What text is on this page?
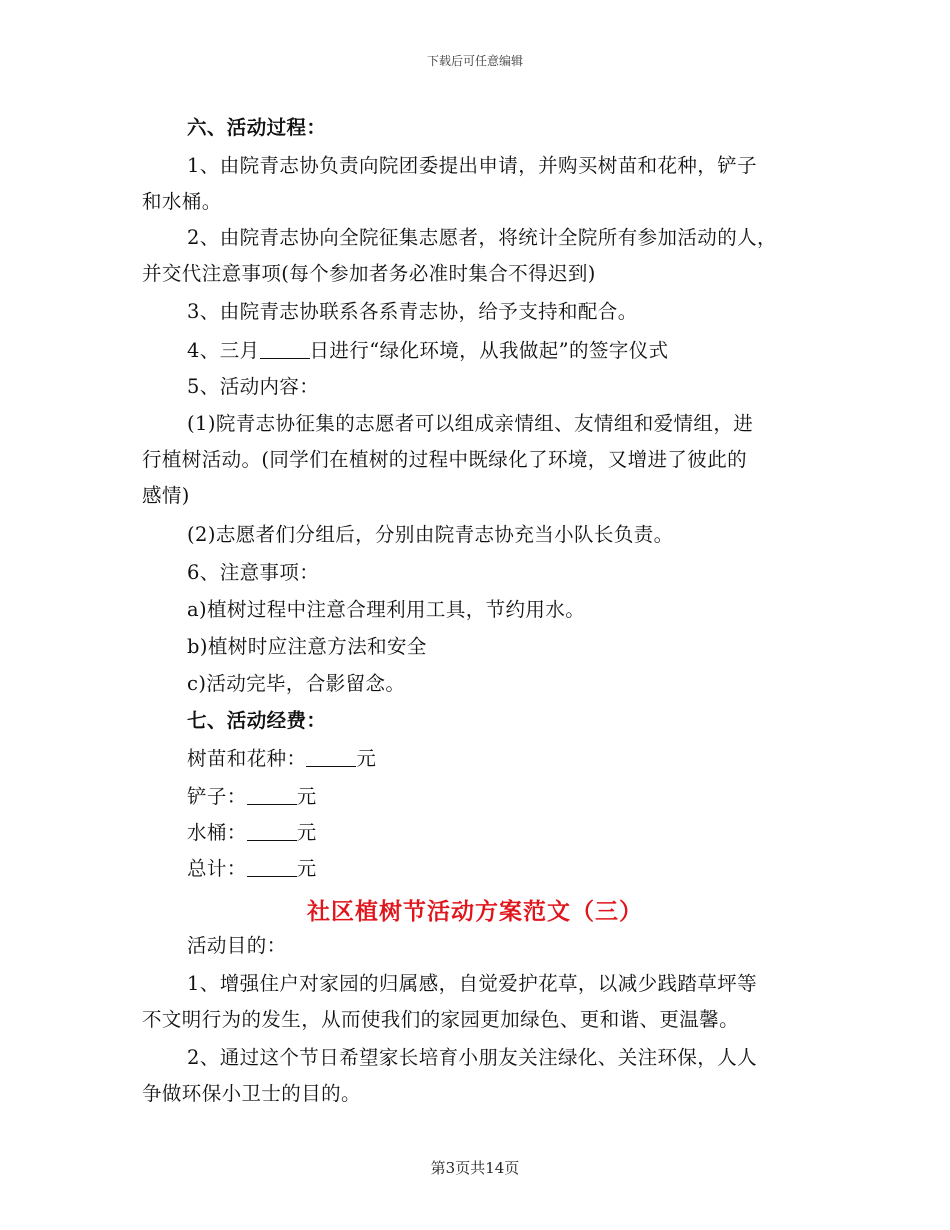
下载后可任意编辑
六、活动过程：
1、由院青志协负责向院团委提出申请，并购买树苗和花种，铲子
和水桶。
2、由院青志协向全院征集志愿者，将统计全院所有参加活动的人，
并交代注意事项(每个参加者务必准时集合不得迟到)
3、由院青志协联系各系青志协，给予支持和配合。
4、三月	日进行“绿化环境，从我做起”的签字仪式
5、活动内容：
(1)院青志协征集的志愿者可以组成亲情组、友情组和爱情组，进
行植树活动。(同学们在植树的过程中既绿化了环境，又增进了彼此的
感情)
(2)志愿者们分组后，分别由院青志协充当小队长负责。
6、注意事项：
a)植树过程中注意合理利用工具，节约用水。
b)植树时应注意方法和安全
c)活动完毕，合影留念。
七、活动经费：
树苗和花种：	元
铲子：	元
水桶：	元
总计：	元
社区植树节活动方案范文（三）
活动目的：
1、增强住户对家园的归属感，自觉爱护花草，以减少践踏草坪等
不文明行为的发生，从而使我们的家园更加绿色、更和谐、更温馨。
2、通过这个节日希望家长培育小朋友关注绿化、关注环保，人人
争做环保小卫士的目的。
第3页共14页
